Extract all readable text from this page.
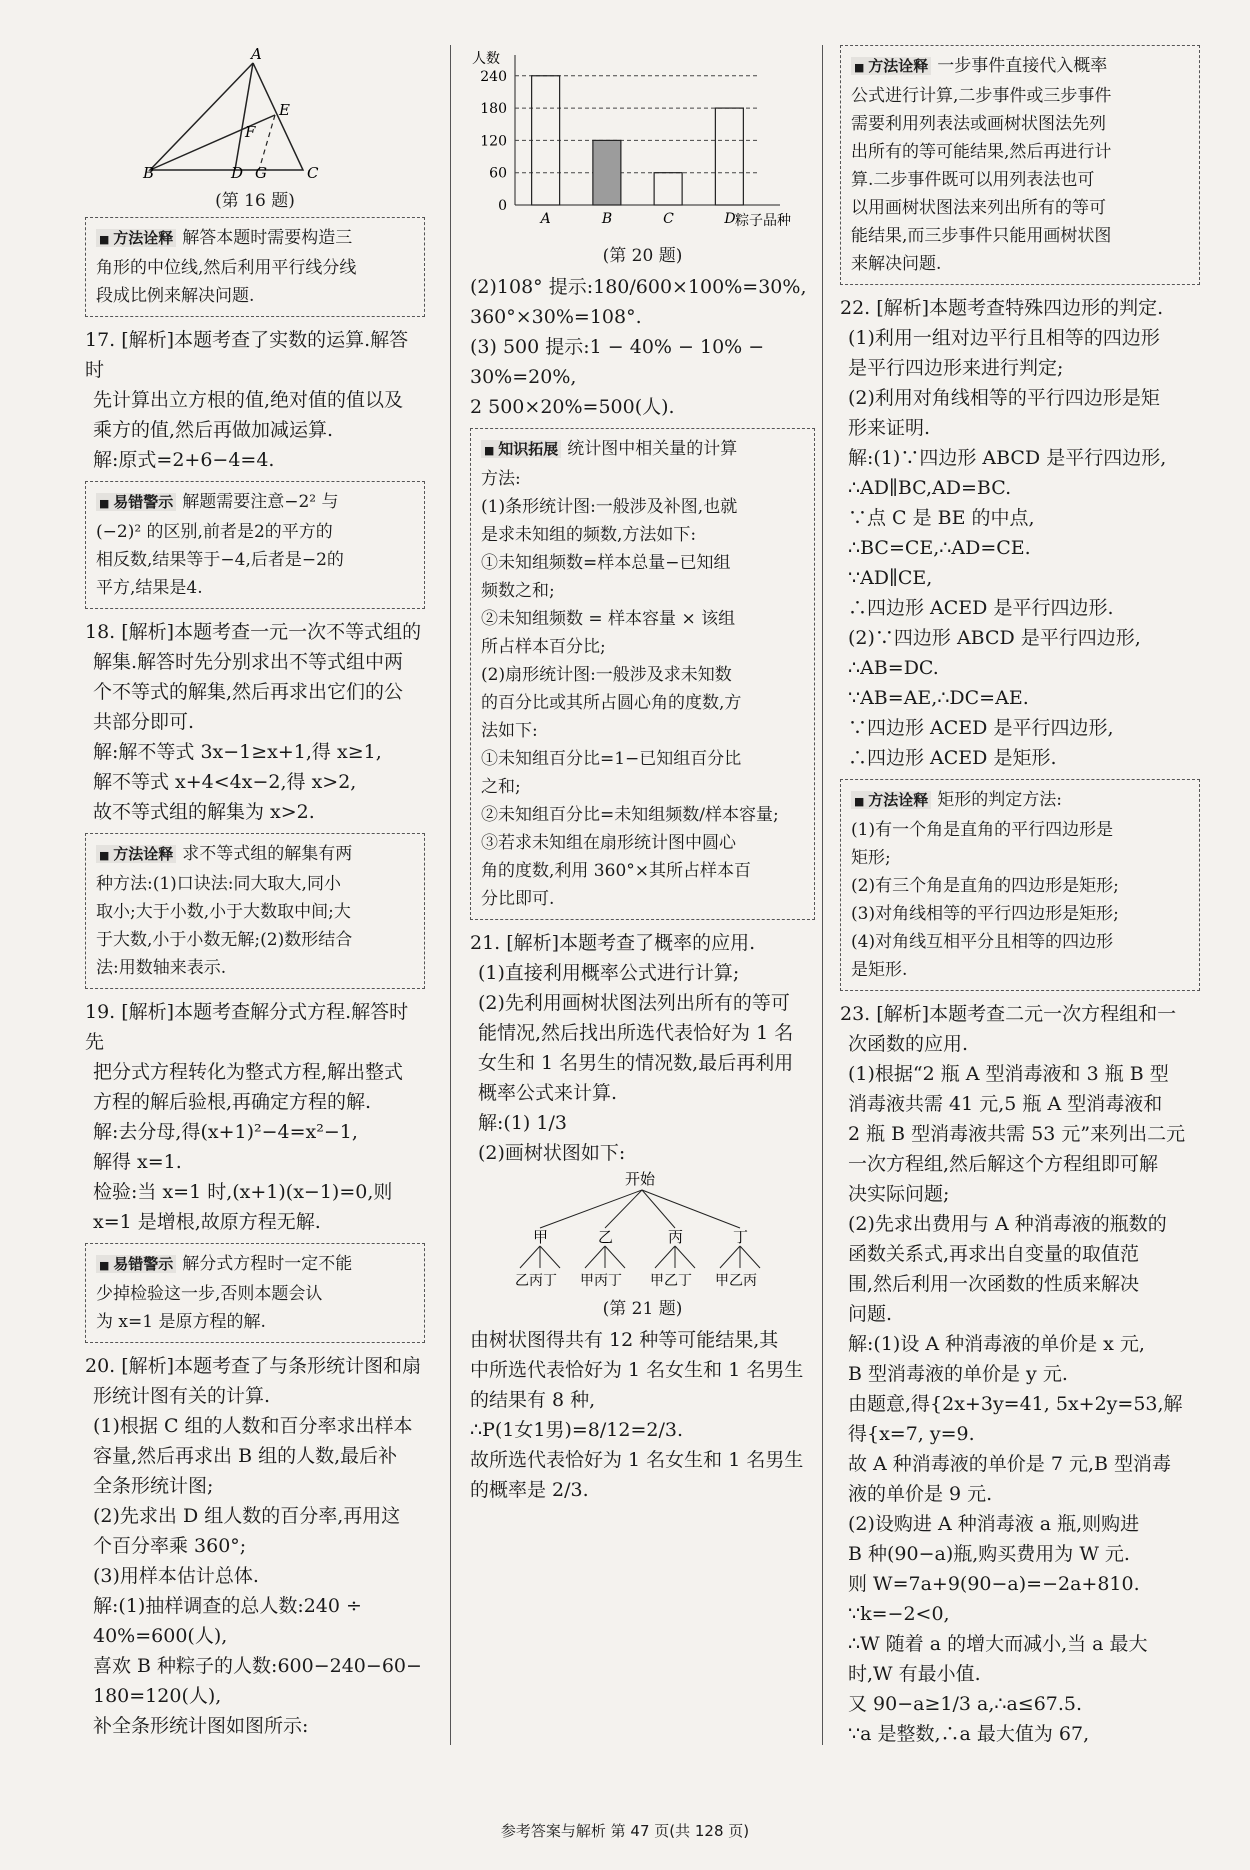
A
B	D G	C
E
F
(第 16 题)

■ 方法诠释 解答本题时需要构造三

角形的中位线,然后利用平行线分线

段成比例来解决问题.

17. [解析]本题考查了实数的运算.解答时

先计算出立方根的值,绝对值的值以及

乘方的值,然后再做加减运算.

解:原式=2+6−4=4.

■ 易错警示 解题需要注意−2² 与

(−2)² 的区别,前者是2的平方的

相反数,结果等于−4,后者是−2的

平方,结果是4.

18. [解析]本题考查一元一次不等式组的

解集.解答时先分别求出不等式组中两

个不等式的解集,然后再求出它们的公

共部分即可.

解:解不等式 3x−1≥x+1,得 x≥1,

解不等式 x+4<4x−2,得 x>2,

故不等式组的解集为 x>2.

■ 方法诠释 求不等式组的解集有两

种方法:(1)口诀法:同大取大,同小

取小;大于小数,小于大数取中间;大

于大数,小于小数无解;(2)数形结合

法:用数轴来表示.

19. [解析]本题考查解分式方程.解答时先

把分式方程转化为整式方程,解出整式

方程的解后验根,再确定方程的解.

解:去分母,得(x+1)²−4=x²−1,

解得 x=1.

检验:当 x=1 时,(x+1)(x−1)=0,则

x=1 是增根,故原方程无解.

■ 易错警示 解分式方程时一定不能

少掉检验这一步,否则本题会认

为 x=1 是原方程的解.

20. [解析]本题考查了与条形统计图和扇

形统计图有关的计算.

(1)根据 C 组的人数和百分率求出样本

容量,然后再求出 B 组的人数,最后补

全条形统计图;

(2)先求出 D 组人数的百分率,再用这

个百分率乘 360°;

(3)用样本估计总体.

解:(1)抽样调查的总人数:240 ÷

40%=600(人),

喜欢 B 种粽子的人数:600−240−60−

180=120(人),

补全条形统计图如图所示:

0
60
120
180
240
A	B	C	D
人数
粽子品种
(第 20 题)

(2)108° 提示:180/600×100%=30%,

360°×30%=108°.

(3) 500 提示:1 − 40% − 10% −

30%=20%,

2 500×20%=500(人).

■ 知识拓展 统计图中相关量的计算

方法:

(1)条形统计图:一般涉及补图,也就

是求未知组的频数,方法如下:

①未知组频数=样本总量−已知组

频数之和;

②未知组频数 = 样本容量 × 该组

所占样本百分比;

(2)扇形统计图:一般涉及求未知数

的百分比或其所占圆心角的度数,方

法如下:

①未知组百分比=1−已知组百分比

之和;

②未知组百分比=未知组频数/样本容量;

③若求未知组在扇形统计图中圆心

角的度数,利用 360°×其所占样本百

分比即可.

21. [解析]本题考查了概率的应用.

(1)直接利用概率公式进行计算;

(2)先利用画树状图法列出所有的等可

能情况,然后找出所选代表恰好为 1 名

女生和 1 名男生的情况数,最后再利用

概率公式来计算.

解:(1) 1/3

(2)画树状图如下:

开始
甲	乙	丙	丁
乙丙丁 甲丙丁 甲乙丁 甲乙丙
(第 21 题)

由树状图得共有 12 种等可能结果,其

中所选代表恰好为 1 名女生和 1 名男生

的结果有 8 种,

∴P(1女1男)=8/12=2/3.

故所选代表恰好为 1 名女生和 1 名男生

的概率是 2/3.

■ 方法诠释 一步事件直接代入概率

公式进行计算,二步事件或三步事件

需要利用列表法或画树状图法先列

出所有的等可能结果,然后再进行计

算.二步事件既可以用列表法也可

以用画树状图法来列出所有的等可

能结果,而三步事件只能用画树状图

来解决问题.

22. [解析]本题考查特殊四边形的判定.

(1)利用一组对边平行且相等的四边形

是平行四边形来进行判定;

(2)利用对角线相等的平行四边形是矩

形来证明.

解:(1)∵四边形 ABCD 是平行四边形,

∴AD∥BC,AD=BC.

∵点 C 是 BE 的中点,

∴BC=CE,∴AD=CE.

∵AD∥CE,

∴四边形 ACED 是平行四边形.

(2)∵四边形 ABCD 是平行四边形,

∴AB=DC.

∵AB=AE,∴DC=AE.

∵四边形 ACED 是平行四边形,

∴四边形 ACED 是矩形.

■ 方法诠释 矩形的判定方法:

(1)有一个角是直角的平行四边形是

矩形;

(2)有三个角是直角的四边形是矩形;

(3)对角线相等的平行四边形是矩形;

(4)对角线互相平分且相等的四边形

是矩形.

23. [解析]本题考查二元一次方程组和一

次函数的应用.

(1)根据“2 瓶 A 型消毒液和 3 瓶 B 型

消毒液共需 41 元,5 瓶 A 型消毒液和

2 瓶 B 型消毒液共需 53 元”来列出二元

一次方程组,然后解这个方程组即可解

决实际问题;

(2)先求出费用与 A 种消毒液的瓶数的

函数关系式,再求出自变量的取值范

围,然后利用一次函数的性质来解决

问题.

解:(1)设 A 种消毒液的单价是 x 元,

B 型消毒液的单价是 y 元.

由题意,得{2x+3y=41, 5x+2y=53,解得{x=7, y=9.

故 A 种消毒液的单价是 7 元,B 型消毒

液的单价是 9 元.

(2)设购进 A 种消毒液 a 瓶,则购进

B 种(90−a)瓶,购买费用为 W 元.

则 W=7a+9(90−a)=−2a+810.

∵k=−2<0,

∴W 随着 a 的增大而减小,当 a 最大

时,W 有最小值.

又 90−a≥1/3 a,∴a≤67.5.

∵a 是整数,∴a 最大值为 67,

参考答案与解析 第 47 页(共 128 页)
